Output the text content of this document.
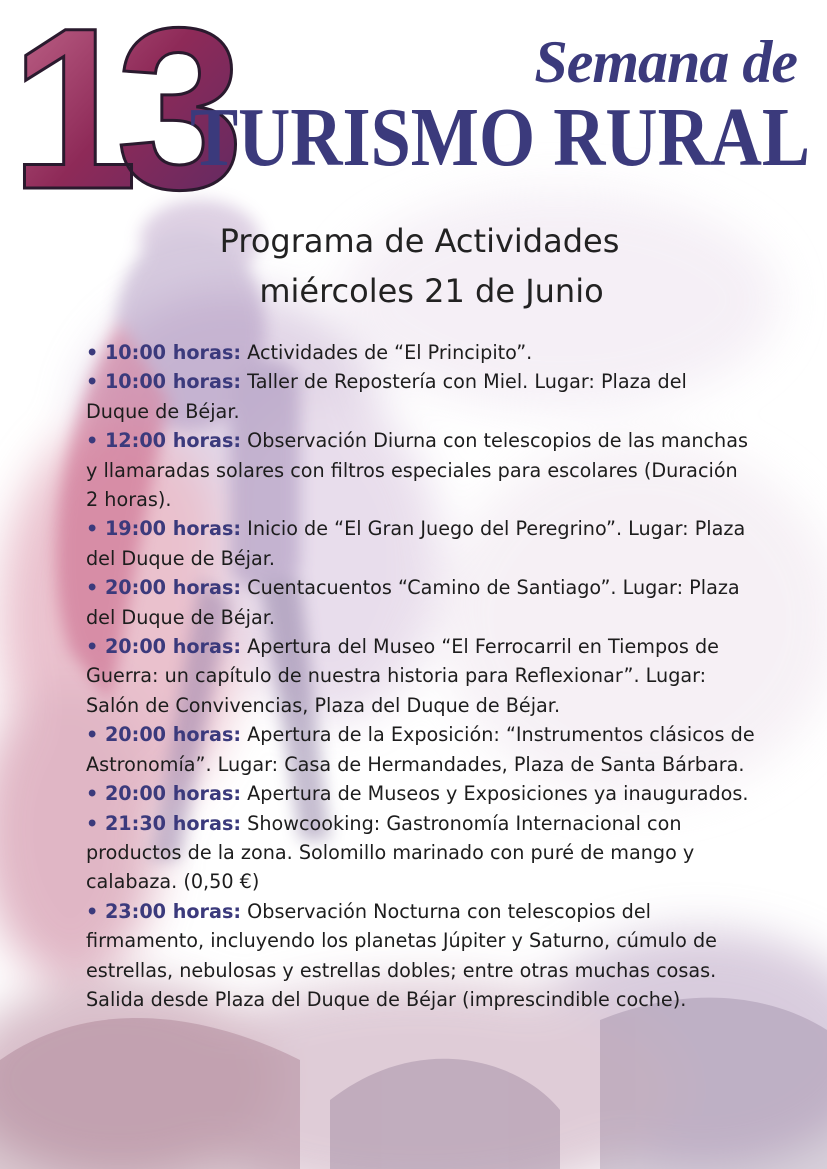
13	Semana de
TURISMO RURAL
Programa de Actividades
miércoles 21 de Junio
• 10:00 horas: Actividades de “El Principito”.
• 10:00 horas: Taller de Repostería con Miel. Lugar: Plaza del Duque de Béjar.
• 12:00 horas: Observación Diurna con telescopios de las manchas y llamaradas solares con filtros especiales para escolares (Duración 2 horas).
• 19:00 horas: Inicio de “El Gran Juego del Peregrino”. Lugar: Plaza del Duque de Béjar.
• 20:00 horas: Cuentacuentos “Camino de Santiago”. Lugar: Plaza del Duque de Béjar.
• 20:00 horas: Apertura del Museo “El Ferrocarril en Tiempos de Guerra: un capítulo de nuestra historia para Reflexionar”. Lugar: Salón de Convivencias, Plaza del Duque de Béjar.
• 20:00 horas: Apertura de la Exposición: “Instrumentos clásicos de Astronomía”. Lugar: Casa de Hermandades, Plaza de Santa Bárbara.
• 20:00 horas: Apertura de Museos y Exposiciones ya inaugurados.
• 21:30 horas: Showcooking: Gastronomía Internacional con productos de la zona. Solomillo marinado con puré de mango y calabaza. (0,50 €)
• 23:00 horas: Observación Nocturna con telescopios del firmamento, incluyendo los planetas Júpiter y Saturno, cúmulo de estrellas, nebulosas y estrellas dobles; entre otras muchas cosas. Salida desde Plaza del Duque de Béjar (imprescindible coche).
